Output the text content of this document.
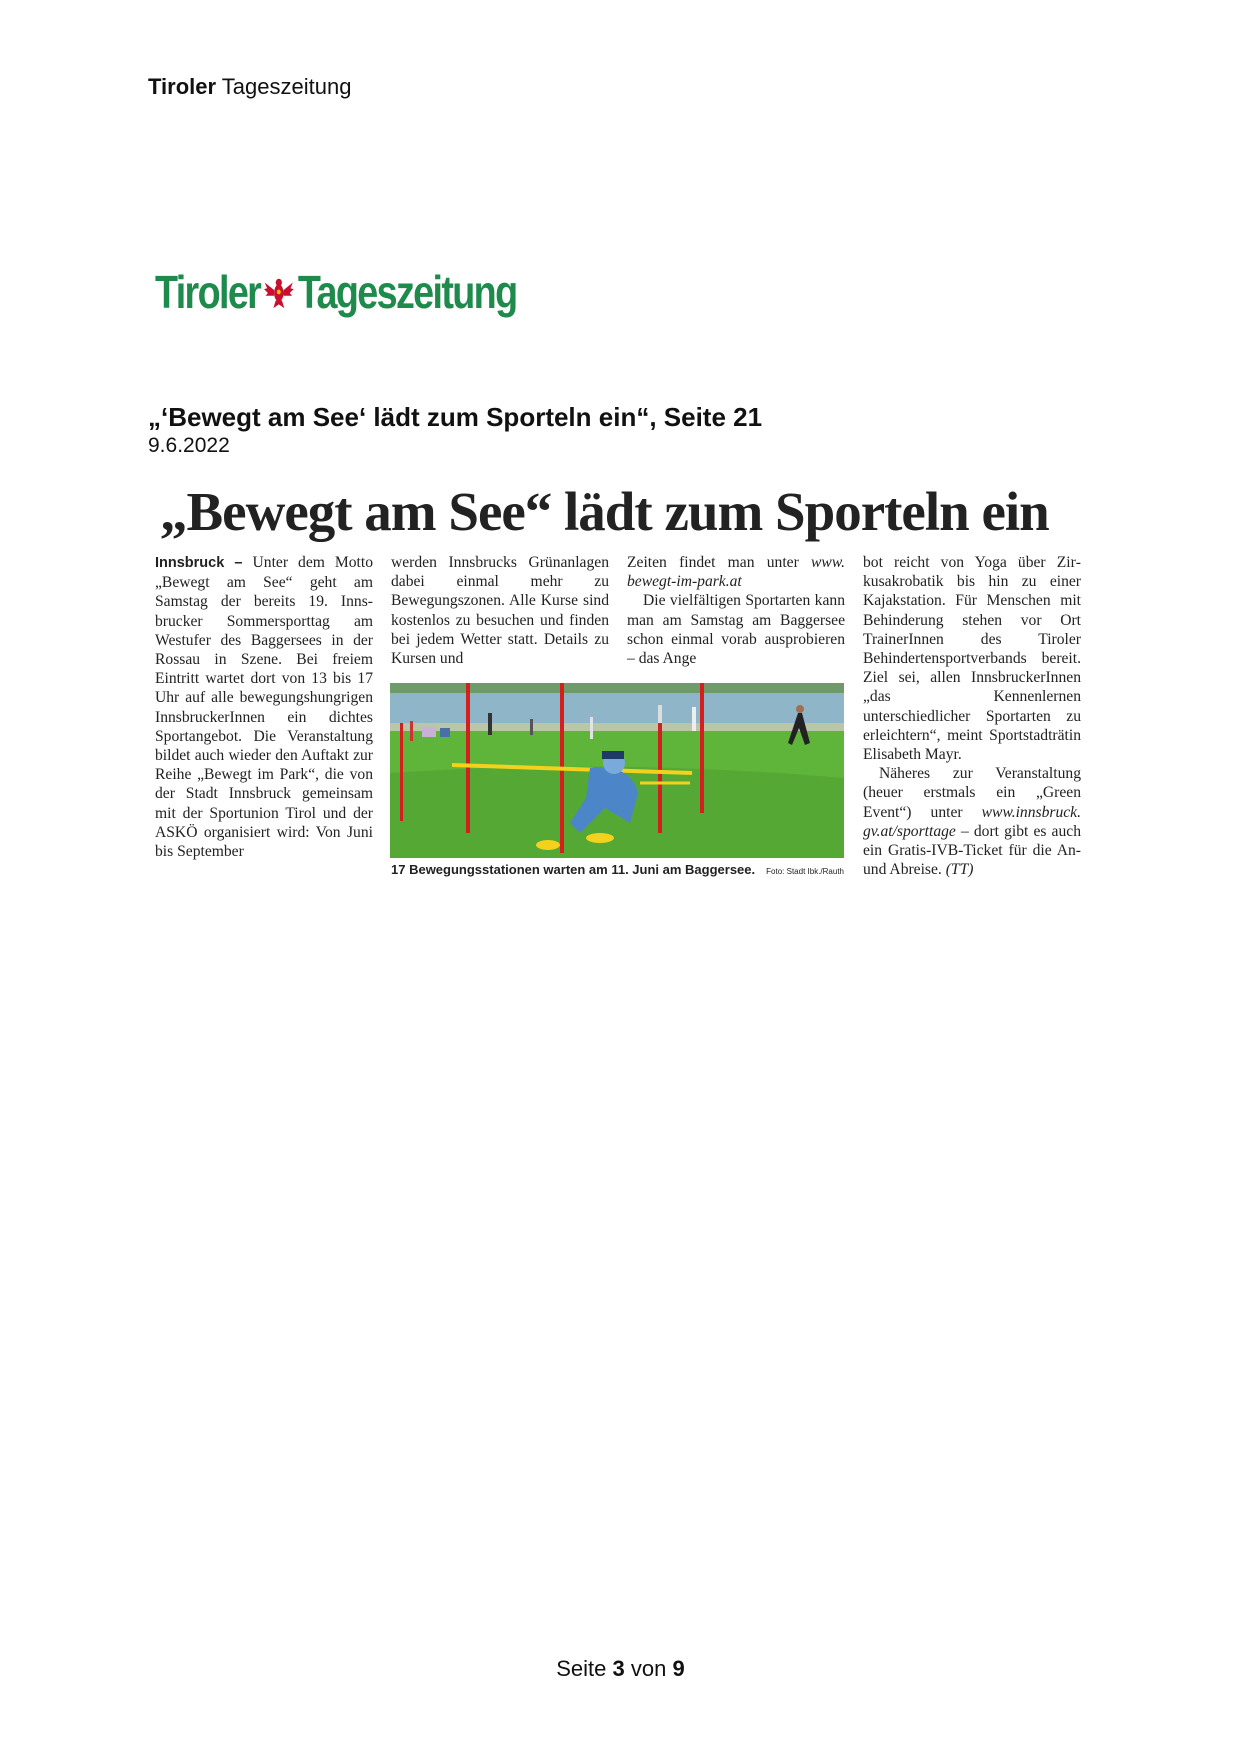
Tiroler Tageszeitung
Tiroler Tageszeitung
„‘Bewegt am See‘ lädt zum Sporteln ein“, Seite 21
9.6.2022
„Bewegt am See“ lädt zum Sporteln ein

Innsbruck – Unter dem Motto „Bewegt am See“ geht am Samstag der bereits 19. Innsbrucker Sommersporttag am Westufer des Baggersees in der Rossau in Szene. Bei freiem Eintritt wartet dort von 13 bis 17 Uhr auf alle bewegungshungrigen InnsbruckerInnen ein dichtes Sportangebot. Die Veranstaltung bildet auch wieder den Auftakt zur Reihe „Bewegt im Park“, die von der Stadt Innsbruck gemeinsam mit der Sportunion Tirol und der ASKÖ organisiert wird: Von Juni bis September

werden Innsbrucks Grünanlagen dabei einmal mehr zu Bewegungszonen. Alle Kurse sind kostenlos zu besuchen und finden bei jedem Wetter statt. Details zu Kursen und

Zeiten findet man unter www. bewegt-im-park.at

Die vielfältigen Sportarten kann man am Samstag am Baggersee schon einmal vorab ausprobieren – das Ange

bot reicht von Yoga über Zirkusakrobatik bis hin zu einer Kajakstation. Für Menschen mit Behinderung stehen vor Ort TrainerInnen des Tiroler Behindertensportverbands bereit. Ziel sei, allen InnsbruckerInnen „das Kennenlernen unterschiedlicher Sportarten zu erleichtern“, meint Sportstadträtin Elisabeth Mayr.

Näheres zur Veranstaltung (heuer erstmals ein „Green Event“) unter www.innsbruck. gv.at/sporttage – dort gibt es auch ein Gratis-IVB-Ticket für die An- und Abreise. (TT)

17 Bewegungsstationen warten am 11. Juni am Baggersee. Foto: Stadt Ibk./Rauth
Seite 3 von 9
